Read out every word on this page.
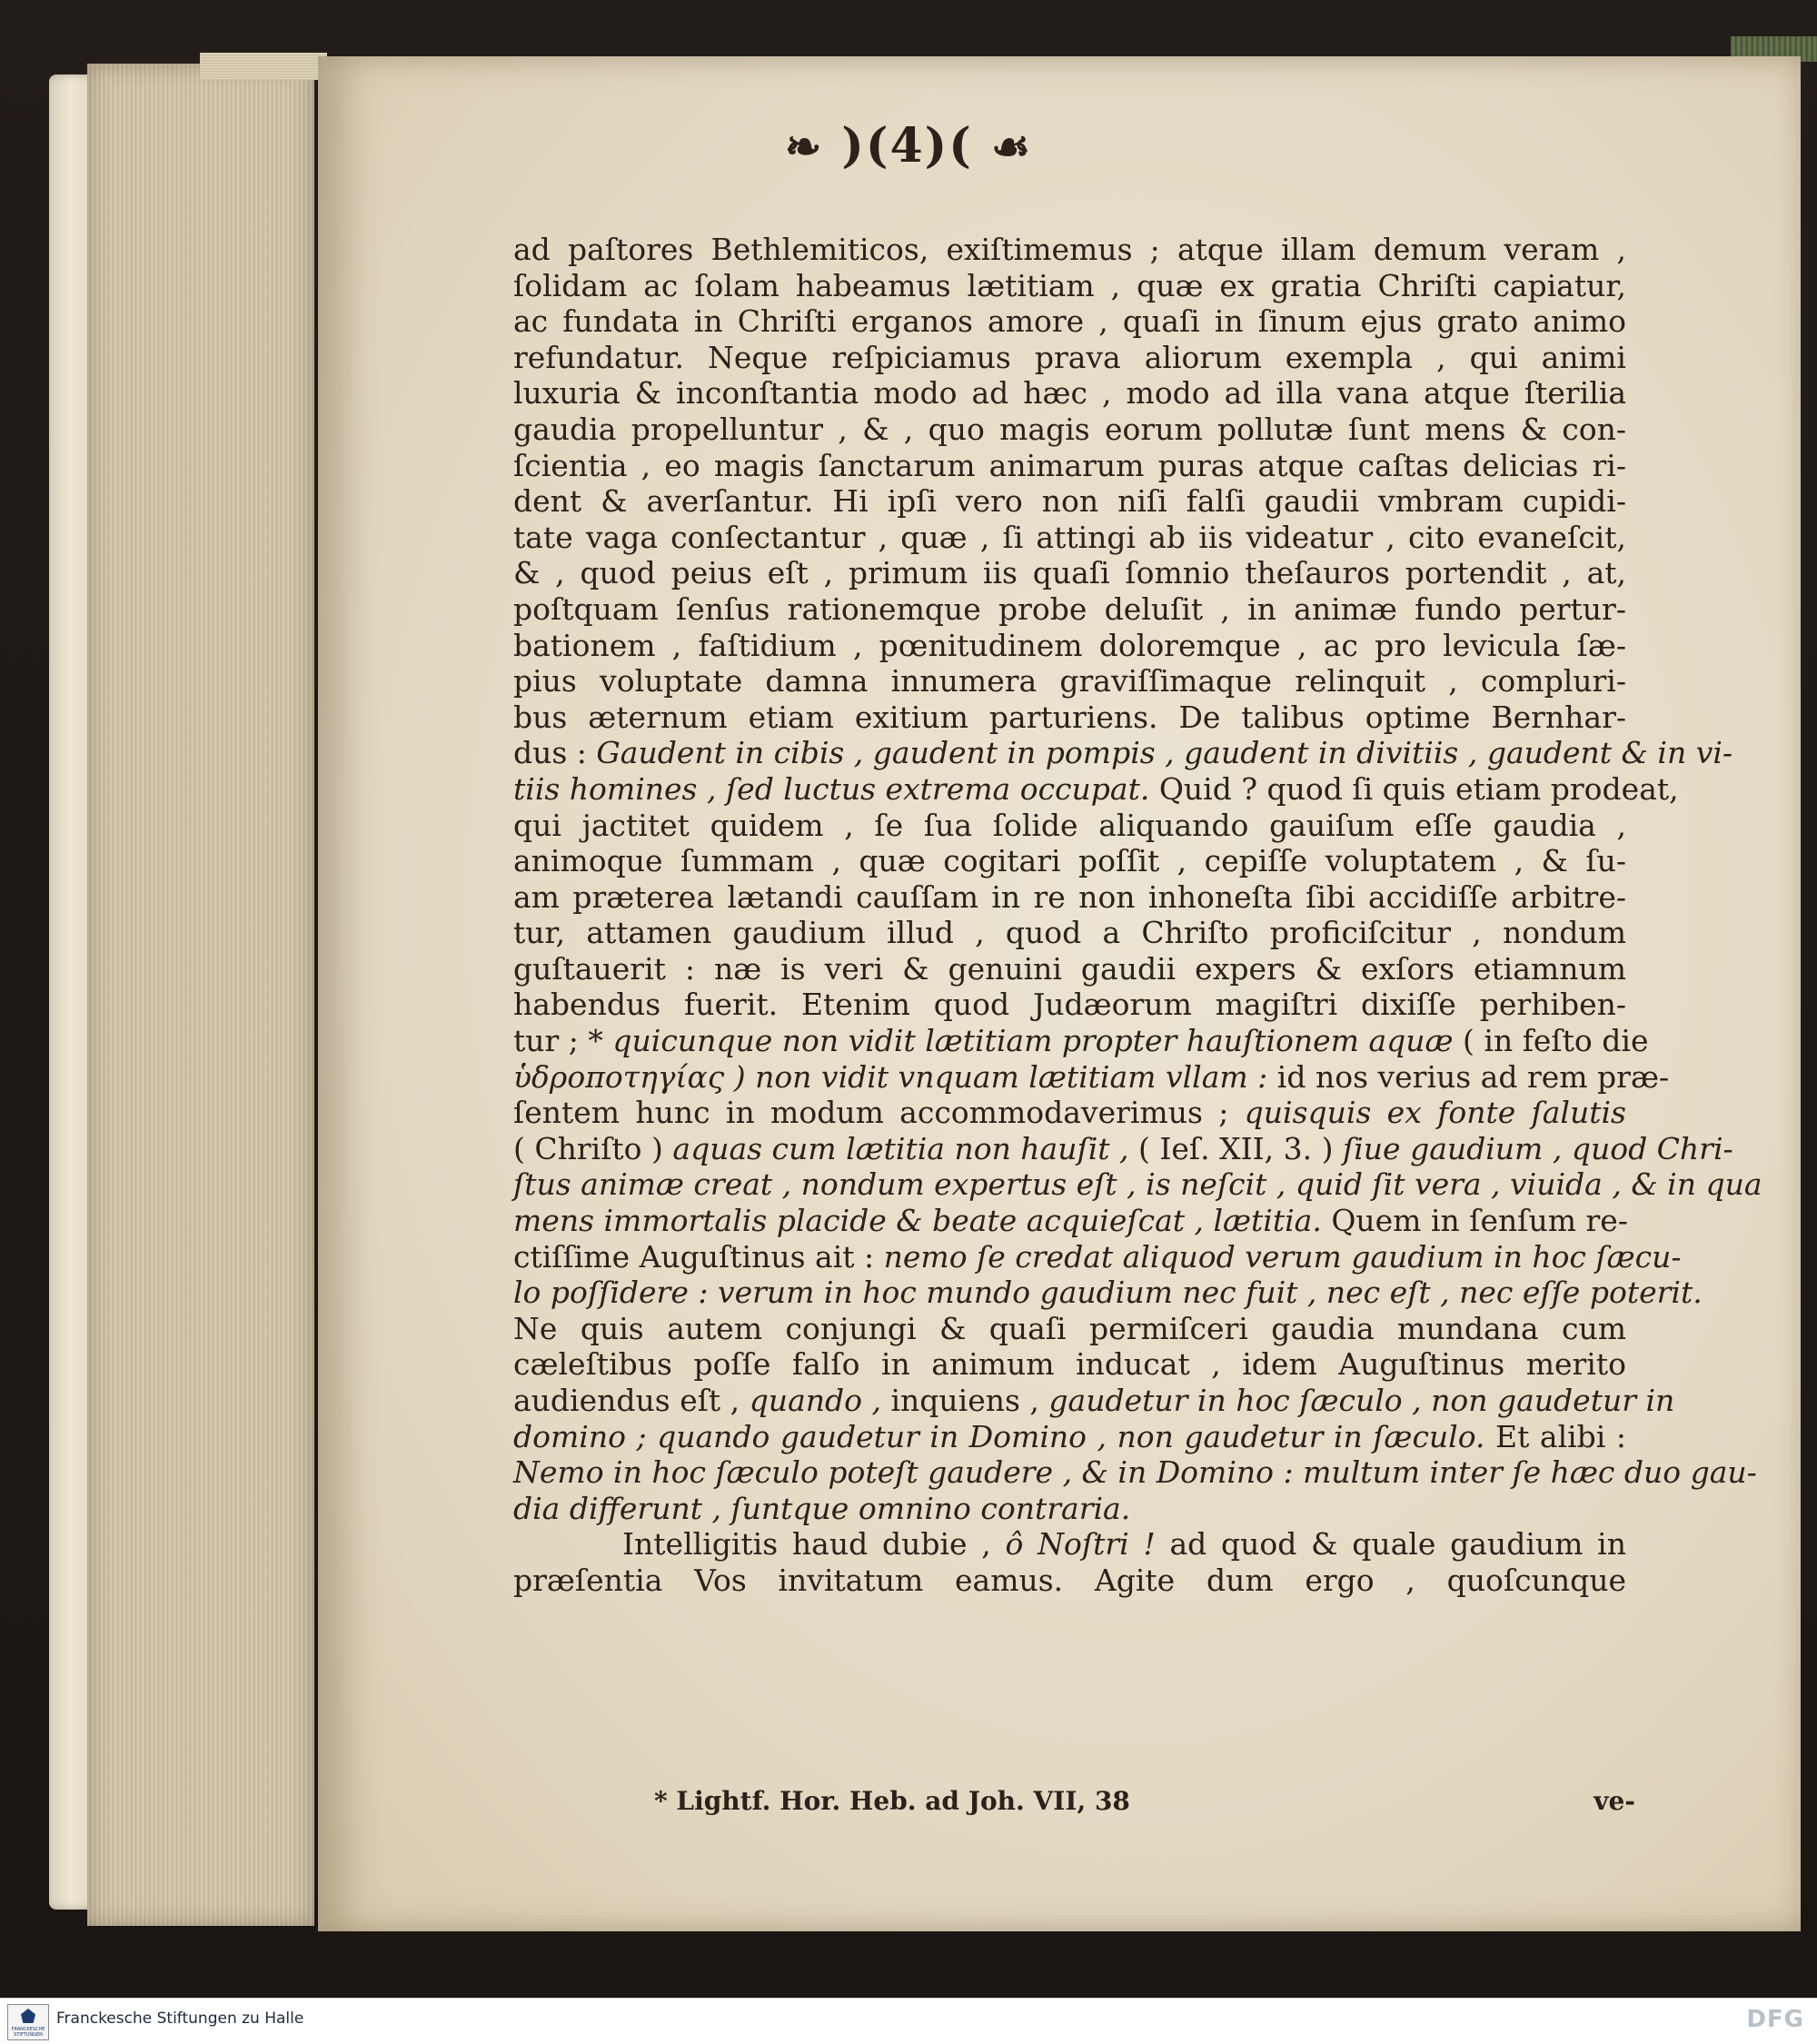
❧ )(4)( ☙
ad paſtores Bethlemiticos, exiſtimemus ; atque illam demum veram ,
ſolidam ac ſolam habeamus lætitiam , quæ ex gratia Chriſti capiatur,
ac fundata in Chriſti erganos amore , quaſi in ſinum ejus grato animo
refundatur. Neque reſpiciamus prava aliorum exempla , qui animi
luxuria & inconſtantia modo ad hæc , modo ad illa vana atque ſterilia
gaudia propelluntur , & , quo magis eorum pollutæ ſunt mens & con-
ſcientia , eo magis ſanctarum animarum puras atque caſtas delicias ri-
dent & averſantur. Hi ipſi vero non niſi falſi gaudii vmbram cupidi-
tate vaga conſectantur , quæ , ſi attingi ab iis videatur , cito evaneſcit,
& , quod peius eſt , primum iis quaſi ſomnio theſauros portendit , at,
poſtquam ſenſus rationemque probe deluſit , in animæ fundo pertur-
bationem , faſtidium , pœnitudinem doloremque , ac pro levicula ſæ-
pius voluptate damna innumera graviſſimaque relinquit , compluri-
bus æternum etiam exitium parturiens. De talibus optime Bernhar-
dus : Gaudent in cibis , gaudent in pompis , gaudent in divitiis , gaudent & in vi-
tiis homines , ſed luctus extrema occupat. Quid ? quod ſi quis etiam prodeat,
qui jactitet quidem , ſe ſua ſolide aliquando gauiſum eſſe gaudia ,
animoque ſummam , quæ cogitari poſſit , cepiſſe voluptatem , & ſu-
am præterea lætandi cauſſam in re non inhoneſta ſibi accidiſſe arbitre-
tur, attamen gaudium illud , quod a Chriſto proficiſcitur , nondum
guſtauerit : næ is veri & genuini gaudii expers & exſors etiamnum
habendus fuerit. Etenim quod Judæorum magiſtri dixiſſe perhiben-
tur ; * quicunque non vidit lætitiam propter hauſtionem aquæ ( in feſto die
ὑδροποτηγίας ) non vidit vnquam lætitiam vllam : id nos verius ad rem præ-
ſentem hunc in modum accommodaverimus ; quisquis ex fonte ſalutis
( Chriſto ) aquas cum lætitia non hauſit , ( Ieſ. XII, 3. ) ſiue gaudium , quod Chri-
ſtus animæ creat , nondum expertus eſt , is neſcit , quid ſit vera , viuida , & in qua
mens immortalis placide & beate acquieſcat , lætitia. Quem in ſenſum re-
ctiſſime Auguſtinus ait : nemo ſe credat aliquod verum gaudium in hoc ſæcu-
lo poſſidere : verum in hoc mundo gaudium nec fuit , nec eſt , nec eſſe poterit.
Ne quis autem conjungi & quaſi permiſceri gaudia mundana cum
cæleſtibus poſſe falſo in animum inducat , idem Auguſtinus merito
audiendus eſt , quando , inquiens , gaudetur in hoc ſæculo , non gaudetur in
domino ; quando gaudetur in Domino , non gaudetur in ſæculo. Et alibi :
Nemo in hoc ſæculo poteſt gaudere , & in Domino : multum inter ſe hæc duo gau-
dia differunt , ſuntque omnino contraria.
Intelligitis haud dubie , ô Noſtri ! ad quod & quale gaudium in
præſentia Vos invitatum eamus. Agite dum ergo , quoſcunque
* Lightf. Hor. Heb. ad Joh. VII, 38	ve-
FRANCKESCHE STIFTUNGEN
Franckesche Stiftungen zu Halle	DFG
